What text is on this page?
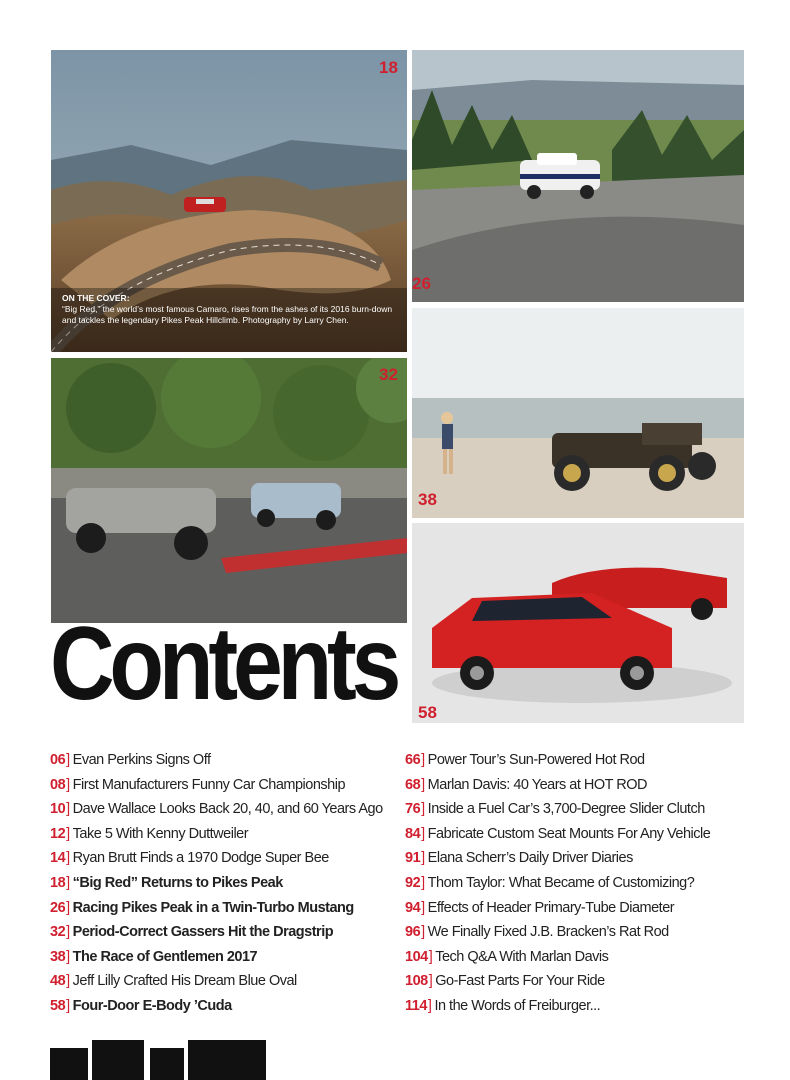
18
ON THE COVER:
“Big Red,” the world’s most famous Camaro, rises from the ashes of its 2016 burn-down and tackles the legendary Pikes Peak Hillclimb. Photography by Larry Chen.
26
32
38
58
Contents
06 ] Evan Perkins Signs Off
08 ] First Manufacturers Funny Car Championship
10 ] Dave Wallace Looks Back 20, 40, and 60 Years Ago
12 ] Take 5 With Kenny Duttweiler
14 ] Ryan Brutt Finds a 1970 Dodge Super Bee
18 ] “Big Red” Returns to Pikes Peak
26 ] Racing Pikes Peak in a Twin-Turbo Mustang
32 ] Period-Correct Gassers Hit the Dragstrip
38 ] The Race of Gentlemen 2017
48 ] Jeff Lilly Crafted His Dream Blue Oval
58 ] Four-Door E-Body ’Cuda
66 ] Power Tour’s Sun-Powered Hot Rod
68 ] Marlan Davis: 40 Years at HOT ROD
76 ] Inside a Fuel Car’s 3,700-Degree Slider Clutch
84 ] Fabricate Custom Seat Mounts For Any Vehicle
91 ] Elana Scherr’s Daily Driver Diaries
92 ] Thom Taylor: What Became of Customizing?
94 ] Effects of Header Primary-Tube Diameter
96 ] We Finally Fixed J.B. Bracken’s Rat Rod
104 ] Tech Q&A With Marlan Davis
108 ] Go-Fast Parts For Your Ride
114 ] In the Words of Freiburger...
